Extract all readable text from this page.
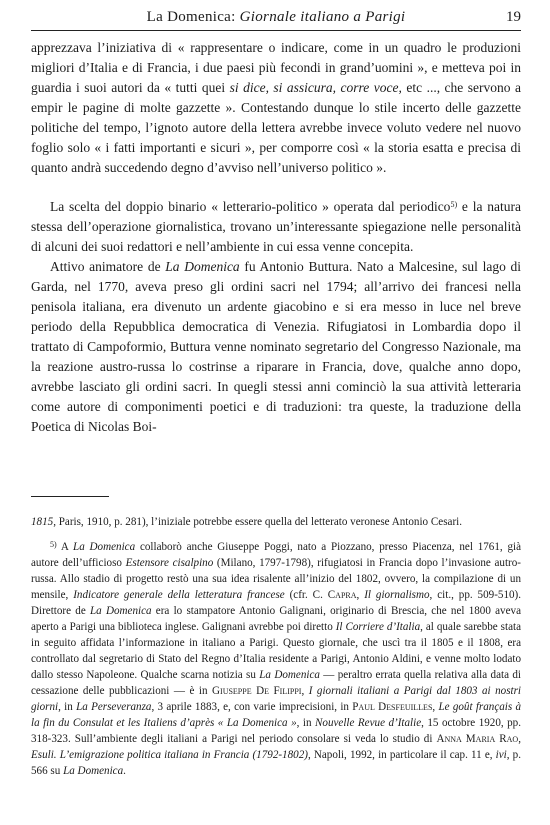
La Domenica: Giornale italiano a Parigi	19

apprezzava l’iniziativa di « rappresentare o indicare, come in un quadro le produzioni migliori d’Italia e di Francia, i due paesi più fecondi in grand’uomini », e metteva poi in guardia i suoi autori da « tutti quei si dice, si assicura, corre voce, etc ..., che servono a empir le pagine di molte gazzette ». Contestando dunque lo stile incerto delle gazzette politiche del tempo, l’ignoto autore della lettera avrebbe invece voluto vedere nel nuovo foglio solo « i fatti importanti e sicuri », per comporre così « la storia esatta e precisa di quanto andrà succedendo degno d’avviso nell’universo politico ».

La scelta del doppio binario « letterario-politico » operata dal periodico$^{5)}$ e la natura stessa dell’operazione giornalistica, trovano un’interessante spiegazione nelle personalità di alcuni dei suoi redattori e nell’ambiente in cui essa venne concepita.

Attivo animatore de La Domenica fu Antonio Buttura. Nato a Malcesine, sul lago di Garda, nel 1770, aveva preso gli ordini sacri nel 1794; all’arrivo dei francesi nella penisola italiana, era divenuto un ardente giacobino e si era messo in luce nel breve periodo della Repubblica democratica di Venezia. Rifugiatosi in Lombardia dopo il trattato di Campoformio, Buttura venne nominato segretario del Congresso Nazionale, ma la reazione austro-russa lo costrinse a riparare in Francia, dove, qualche anno dopo, avrebbe lasciato gli ordini sacri. In quegli stessi anni cominciò la sua attività letteraria come autore di componimenti poetici e di traduzioni: tra queste, la traduzione della Poetica di Nicolas Boi-

1815, Paris, 1910, p. 281), l’iniziale potrebbe essere quella del letterato veronese Antonio Cesari.

$^{5)}$ A La Domenica collaborò anche Giuseppe Poggi, nato a Piozzano, presso Piacenza, nel 1761, già autore dell’ufficioso Estensore cisalpino (Milano, 1797-1798), rifugiatosi in Francia dopo l’invasione autro-russa. Allo stadio di progetto restò una sua idea risalente all’inizio del 1802, ovvero, la compilazione di un mensile, Indicatore generale della letteratura francese (cfr. C. Capra, Il giornalismo, cit., pp. 509-510). Direttore de La Domenica era lo stampatore Antonio Galignani, originario di Brescia, che nel 1800 aveva aperto a Parigi una biblioteca inglese. Galignani avrebbe poi diretto Il Corriere d’Italia, al quale sarebbe stata in seguito affidata l’informazione in italiano a Parigi. Questo giornale, che uscì tra il 1805 e il 1808, era controllato dal segretario di Stato del Regno d’Italia residente a Parigi, Antonio Aldini, e venne molto lodato dallo stesso Napoleone. Qualche scarna notizia su La Domenica — peraltro errata quella relativa alla data di cessazione delle pubblicazioni — è in Giuseppe De Filippi, I giornali italiani a Parigi dal 1803 ai nostri giorni, in La Perseveranza, 3 aprile 1883, e, con varie imprecisioni, in Paul Desfeuilles, Le goût français à la fin du Consulat et les Italiens d’après « La Domenica », in Nouvelle Revue d’Italie, 15 octobre 1920, pp. 318-323. Sull’ambiente degli italiani a Parigi nel periodo consolare si veda lo studio di Anna Maria Rao, Esuli. L’emigrazione politica italiana in Francia (1792-1802), Napoli, 1992, in particolare il cap. 11 e, ivi, p. 566 su La Domenica.
